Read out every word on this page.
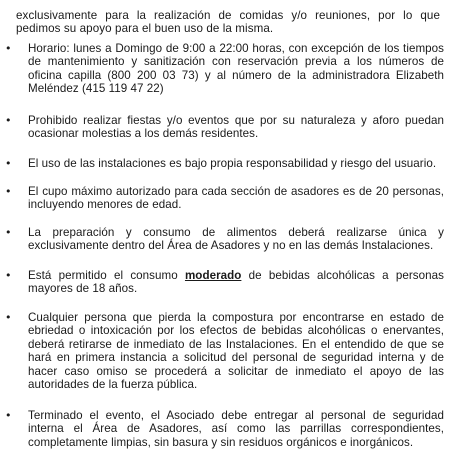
exclusivamente para la realización de comidas y/o reuniones, por lo que pedimos su apoyo para el buen uso de la misma.

• Horario: lunes a Domingo de 9:00 a 22:00 horas, con excepción de los tiempos de mantenimiento y sanitización con reservación previa a los números de oficina capilla (800 200 03 73) y al número de la administradora Elizabeth Meléndez (415 119 47 22)
• Prohibido realizar fiestas y/o eventos que por su naturaleza y aforo puedan ocasionar molestias a los demás residentes.
• El uso de las instalaciones es bajo propia responsabilidad y riesgo del usuario.
• El cupo máximo autorizado para cada sección de asadores es de 20 personas, incluyendo menores de edad.
• La preparación y consumo de alimentos deberá realizarse única y exclusivamente dentro del Área de Asadores y no en las demás Instalaciones.
• Está permitido el consumo moderado de bebidas alcohólicas a personas mayores de 18 años.
• Cualquier persona que pierda la compostura por encontrarse en estado de ebriedad o intoxicación por los efectos de bebidas alcohólicas o enervantes, deberá retirarse de inmediato de las Instalaciones. En el entendido de que se hará en primera instancia a solicitud del personal de seguridad interna y de hacer caso omiso se procederá a solicitar de inmediato el apoyo de las autoridades de la fuerza pública.
• Terminado el evento, el Asociado debe entregar al personal de seguridad interna el Área de Asadores, así como las parrillas correspondientes, completamente limpias, sin basura y sin residuos orgánicos e inorgánicos.
